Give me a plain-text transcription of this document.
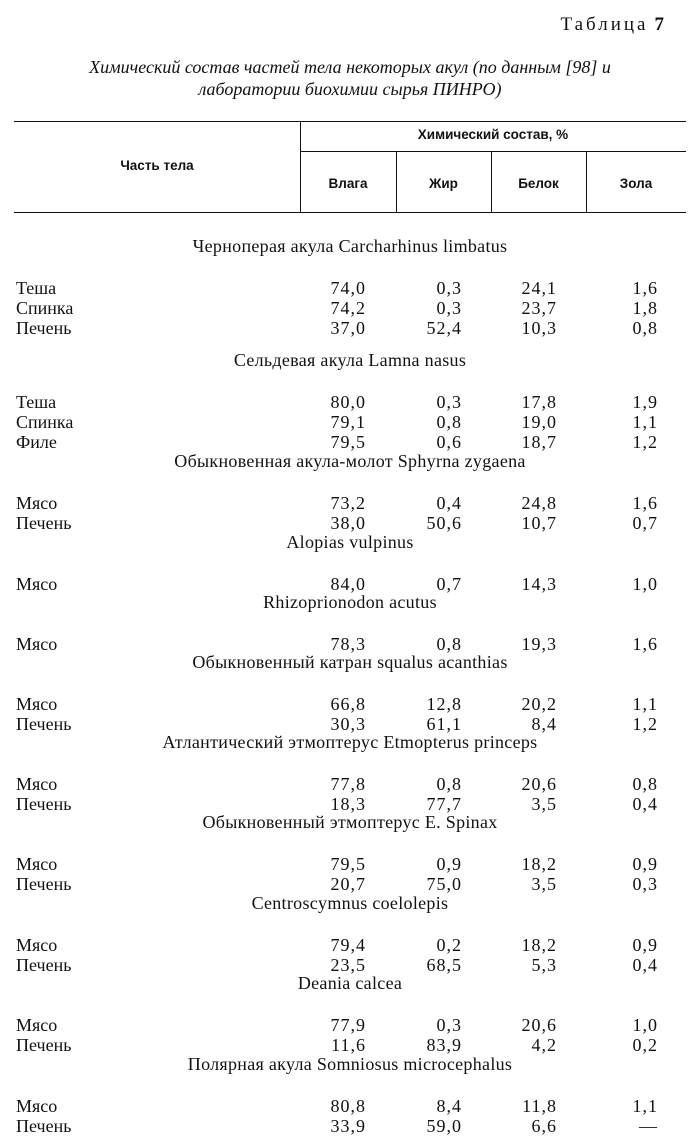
Таблица 7
Химический состав частей тела некоторых акул (по данным [98] и
лаборатории биохимии сырья ПИНРО)
Часть тела
Химический состав, %
Влага	Жир	Белок	Зола
Черноперая акула Carcharhinus limbatus
Теша	74,0	0,3	24,1	1,6
Спинка	74,2	0,3	23,7	1,8
Печень	37,0	52,4	10,3	0,8
Сельдевая акула Lamna nasus
Теша	80,0	0,3	17,8	1,9
Спинка	79,1	0,8	19,0	1,1
Филе	79,5	0,6	18,7	1,2
Обыкновенная акула-молот Sphyrna zygaena
Мясо	73,2	0,4	24,8	1,6
Печень	38,0	50,6	10,7	0,7
Alopias vulpinus
Мясо	84,0	0,7	14,3	1,0
Rhizoprionodon acutus
Мясо	78,3	0,8	19,3	1,6
Обыкновенный катран squalus acanthias
Мясо	66,8	12,8	20,2	1,1
Печень	30,3	61,1	8,4	1,2
Атлантический этмоптерус Etmopterus princeps
Мясо	77,8	0,8	20,6	0,8
Печень	18,3	77,7	3,5	0,4
Обыкновенный этмоптерус E. Spinax
Мясо	79,5	0,9	18,2	0,9
Печень	20,7	75,0	3,5	0,3
Centroscymnus coelolepis
Мясо	79,4	0,2	18,2	0,9
Печень	23,5	68,5	5,3	0,4
Deania calcea
Мясо	77,9	0,3	20,6	1,0
Печень	11,6	83,9	4,2	0,2
Полярная акула Somniosus microcephalus
Мясо	80,8	8,4	11,8	1,1
Печень	33,9	59,0	6,6	—
